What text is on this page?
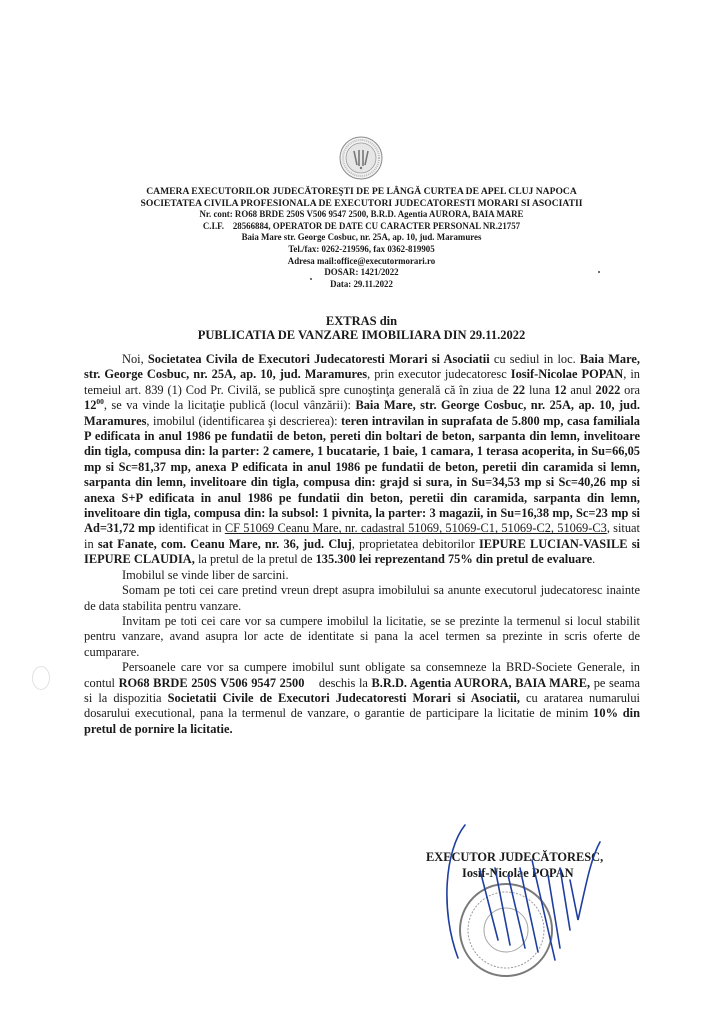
CAMERA EXECUTORILOR JUDECĂTOREŞTI DE PE LÂNGĂ CURTEA DE APEL CLUJ NAPOCA
SOCIETATEA CIVILA PROFESIONALA DE EXECUTORI JUDECATORESTI MORARI SI ASOCIATII
Nr. cont: RO68 BRDE 250S V506 9547 2500, B.R.D. Agentia AURORA, BAIA MARE
C.I.F.    28566884, OPERATOR DE DATE CU CARACTER PERSONAL NR.21757
Baia Mare str. George Cosbuc, nr. 25A, ap. 10, jud. Maramures
Tel./fax: 0262-219596, fax 0362-819905
Adresa mail:office@executormorari.ro
DOSAR: 1421/2022
Data: 29.11.2022
EXTRAS din
PUBLICATIA DE VANZARE IMOBILIARA DIN 29.11.2022

Noi, Societatea Civila de Executori Judecatoresti Morari si Asociatii cu sediul in loc. Baia Mare, str. George Cosbuc, nr. 25A, ap. 10, jud. Maramures, prin executor judecatoresc Iosif-Nicolae POPAN, in temeiul art. 839 (1) Cod Pr. Civilă, se publică spre cunoştinţa generală că în ziua de 22 luna 12 anul 2022 ora $12^{00}$, se va vinde la licitaţie publică (locul vânzării): Baia Mare, str. George Cosbuc, nr. 25A, ap. 10, jud. Maramures, imobilul (identificarea şi descrierea): teren intravilan in suprafata de 5.800 mp, casa familiala P edificata in anul 1986 pe fundatii de beton, pereti din boltari de beton, sarpanta din lemn, invelitoare din tigla, compusa din: la parter: 2 camere, 1 bucatarie, 1 baie, 1 camara, 1 terasa acoperita, in Su=66,05 mp si Sc=81,37 mp, anexa P edificata in anul 1986 pe fundatii de beton, peretii din caramida si lemn, sarpanta din lemn, invelitoare din tigla, compusa din: grajd si sura, in Su=34,53 mp si Sc=40,26 mp si anexa S+P edificata in anul 1986 pe fundatii din beton, peretii din caramida, sarpanta din lemn, invelitoare din tigla, compusa din: la subsol: 1 pivnita, la parter: 3 magazii, in Su=16,38 mp, Sc=23 mp si Ad=31,72 mp identificat in CF 51069 Ceanu Mare, nr. cadastral 51069, 51069-C1, 51069-C2, 51069-C3, situat in sat Fanate, com. Ceanu Mare, nr. 36, jud. Cluj, proprietatea debitorilor IEPURE LUCIAN-VASILE si IEPURE CLAUDIA, la pretul de la pretul de 135.300 lei reprezentand 75% din pretul de evaluare.

Imobilul se vinde liber de sarcini.

Somam pe toti cei care pretind vreun drept asupra imobilului sa anunte executorul judecatoresc inainte de data stabilita pentru vanzare.

Invitam pe toti cei care vor sa cumpere imobilul la licitatie, se se prezinte la termenul si locul stabilit pentru vanzare, avand asupra lor acte de identitate si pana la acel termen sa prezinte in scris oferte de cumparare.

Persoanele care vor sa cumpere imobilul sunt obligate sa consemneze la BRD-Societe Generale, in contul RO68 BRDE 250S V506 9547 2500    deschis la B.R.D. Agentia AURORA, BAIA MARE, pe seama si la dispozitia Societatii Civile de Executori Judecatoresti Morari si Asociatii, cu aratarea numarului dosarului executional, pana la termenul de vanzare, o garantie de participare la licitatie de minim 10% din pretul de pornire la licitatie.

EXECUTOR JUDECĂTORESC,
Iosif-Nicolae POPAN
